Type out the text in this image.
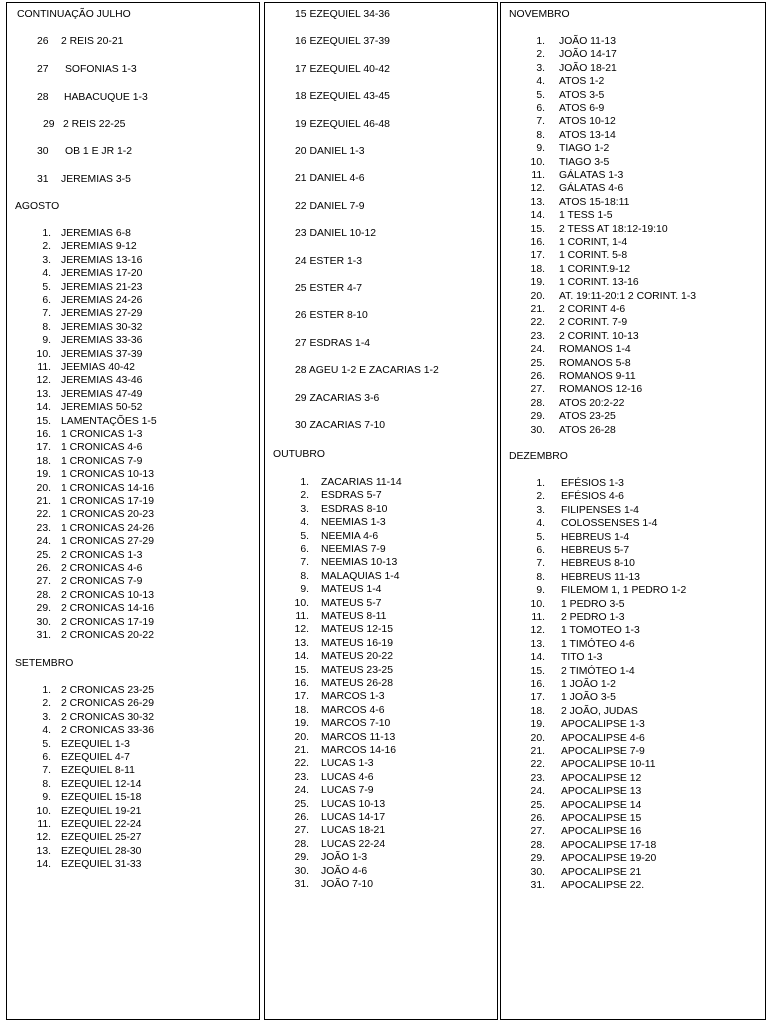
CONTINUAÇÃO JULHO
26 2 REIS 20-21
27 SOFONIAS 1-3
28 HABACUQUE 1-3
29 2 REIS 22-25
30 OB 1 E JR 1-2
31 JEREMIAS 3-5
AGOSTO
1. JEREMIAS 6-8
2. JEREMIAS 9-12
3. JEREMIAS 13-16
4. JEREMIAS 17-20
5. JEREMIAS 21-23
6. JEREMIAS 24-26
7. JEREMIAS 27-29
8. JEREMIAS 30-32
9. JEREMIAS 33-36
10. JEREMIAS 37-39
11. JEEMIAS 40-42
12. JEREMIAS 43-46
13. JEREMIAS 47-49
14. JEREMIAS 50-52
15. LAMENTAÇÕES 1-5
16. 1 CRONICAS 1-3
17. 1 CRONICAS 4-6
18. 1 CRONICAS 7-9
19. 1 CRONICAS 10-13
20. 1 CRONICAS 14-16
21. 1 CRONICAS 17-19
22. 1 CRONICAS 20-23
23. 1 CRONICAS 24-26
24. 1 CRONICAS 27-29
25. 2 CRONICAS 1-3
26. 2 CRONICAS 4-6
27. 2 CRONICAS 7-9
28. 2 CRONICAS 10-13
29. 2 CRONICAS 14-16
30. 2 CRONICAS 17-19
31. 2 CRONICAS 20-22
SETEMBRO
1. 2 CRONICAS 23-25
2. 2 CRONICAS 26-29
3. 2 CRONICAS 30-32
4. 2 CRONICAS 33-36
5. EZEQUIEL 1-3
6. EZEQUIEL 4-7
7. EZEQUIEL 8-11
8. EZEQUIEL 12-14
9. EZEQUIEL 15-18
10. EZEQUIEL 19-21
11. EZEQUIEL 22-24
12. EZEQUIEL 25-27
13. EZEQUIEL 28-30
14. EZEQUIEL 31-33
15 EZEQUIEL 34-36
16 EZEQUIEL 37-39
17 EZEQUIEL 40-42
18 EZEQUIEL 43-45
19 EZEQUIEL 46-48
20 DANIEL 1-3
21 DANIEL 4-6
22 DANIEL 7-9
23 DANIEL 10-12
24 ESTER 1-3
25 ESTER 4-7
26 ESTER 8-10
27 ESDRAS 1-4
28 AGEU 1-2 E ZACARIAS 1-2
29 ZACARIAS 3-6
30 ZACARIAS 7-10
OUTUBRO
1. ZACARIAS 11-14
2. ESDRAS 5-7
3. ESDRAS 8-10
4. NEEMIAS 1-3
5. NEEMIA 4-6
6. NEEMIAS 7-9
7. NEEMIAS 10-13
8. MALAQUIAS 1-4
9. MATEUS 1-4
10. MATEUS 5-7
11. MATEUS 8-11
12. MATEUS 12-15
13. MATEUS 16-19
14. MATEUS 20-22
15. MATEUS 23-25
16. MATEUS 26-28
17. MARCOS 1-3
18. MARCOS 4-6
19. MARCOS 7-10
20. MARCOS 11-13
21. MARCOS 14-16
22. LUCAS 1-3
23. LUCAS 4-6
24. LUCAS 7-9
25. LUCAS 10-13
26. LUCAS 14-17
27. LUCAS 18-21
28. LUCAS 22-24
29. JOÃO 1-3
30. JOÃO 4-6
31. JOÃO 7-10
NOVEMBRO
1. JOÃO 11-13
2. JOÃO 14-17
3. JOÃO 18-21
4. ATOS 1-2
5. ATOS 3-5
6. ATOS 6-9
7. ATOS 10-12
8. ATOS 13-14
9. TIAGO 1-2
10. TIAGO 3-5
11. GÁLATAS 1-3
12. GÁLATAS 4-6
13. ATOS 15-18:11
14. 1 TESS 1-5
15. 2 TESS AT 18:12-19:10
16. 1 CORINT, 1-4
17. 1 CORINT. 5-8
18. 1 CORINT.9-12
19. 1 CORINT. 13-16
20. AT. 19:11-20:1 2 CORINT. 1-3
21. 2 CORINT 4-6
22. 2 CORINT. 7-9
23. 2 CORINT. 10-13
24. ROMANOS 1-4
25. ROMANOS 5-8
26. ROMANOS 9-11
27. ROMANOS 12-16
28. ATOS 20:2-22
29. ATOS 23-25
30. ATOS 26-28
DEZEMBRO
1. EFÉSIOS 1-3
2. EFÉSIOS 4-6
3. FILIPENSES 1-4
4. COLOSSENSES 1-4
5. HEBREUS 1-4
6. HEBREUS 5-7
7. HEBREUS 8-10
8. HEBREUS 11-13
9. FILEMOM 1, 1 PEDRO 1-2
10. 1 PEDRO 3-5
11. 2 PEDRO 1-3
12. 1 TOMOTEO 1-3
13. 1 TIMÓTEO 4-6
14. TITO 1-3
15. 2 TIMÓTEO 1-4
16. 1 JOÃO 1-2
17. 1 JOÃO 3-5
18. 2 JOÃO, JUDAS
19. APOCALIPSE 1-3
20. APOCALIPSE 4-6
21. APOCALIPSE 7-9
22. APOCALIPSE 10-11
23. APOCALIPSE 12
24. APOCALIPSE 13
25. APOCALIPSE 14
26. APOCALIPSE 15
27. APOCALIPSE 16
28. APOCALIPSE 17-18
29. APOCALIPSE 19-20
30. APOCALIPSE 21
31. APOCALIPSE 22.
